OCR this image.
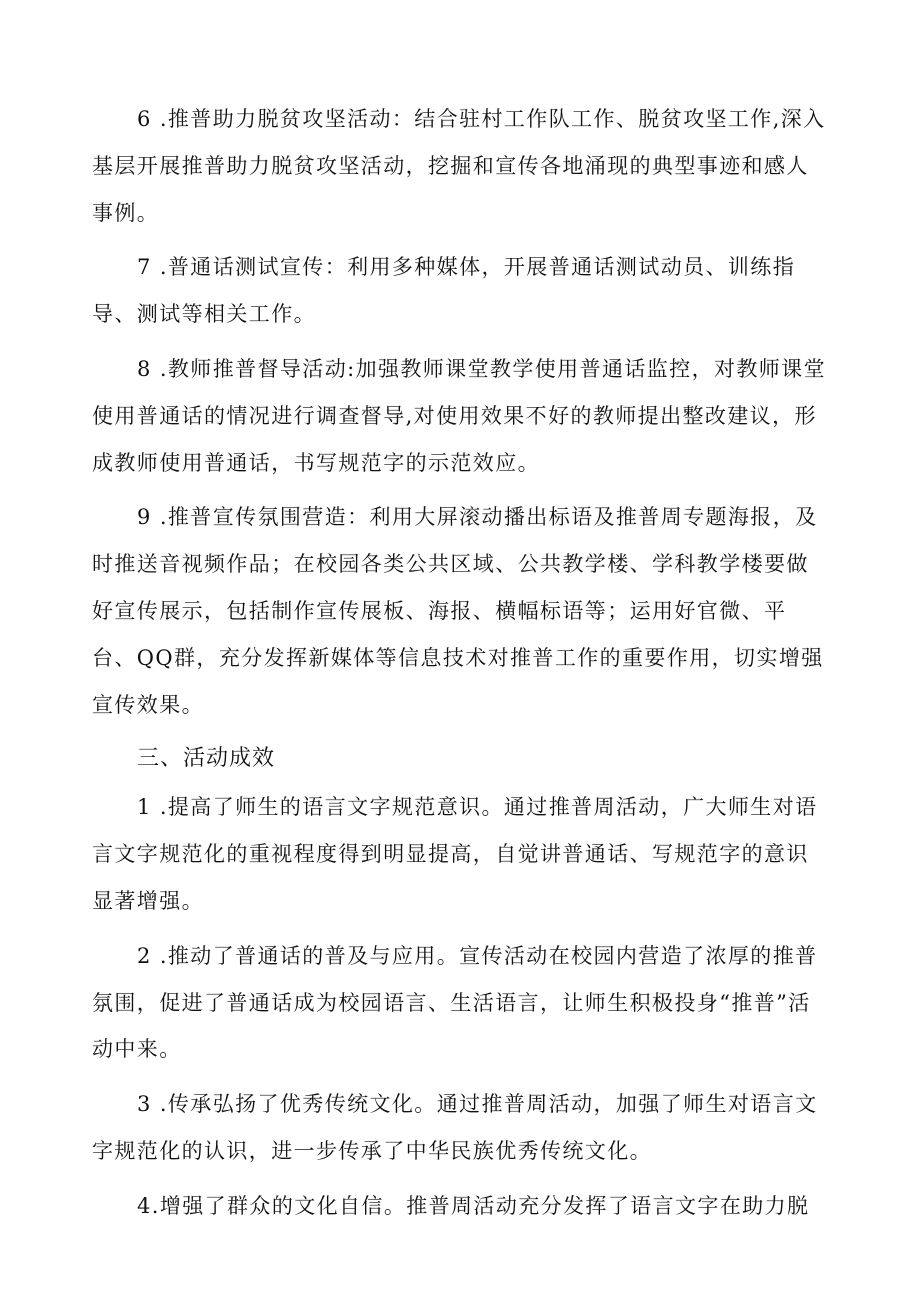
6 .推普助力脱贫攻坚活动：结合驻村工作队工作、脱贫攻坚工作,深入基层开展推普助力脱贫攻坚活动，挖掘和宣传各地涌现的典型事迹和感人事例。

7 .普通话测试宣传：利用多种媒体，开展普通话测试动员、训练指导、测试等相关工作。

8 .教师推普督导活动:加强教师课堂教学使用普通话监控，对教师课堂使用普通话的情况进行调查督导,对使用效果不好的教师提出整改建议，形成教师使用普通话，书写规范字的示范效应。

9 .推普宣传氛围营造：利用大屏滚动播出标语及推普周专题海报，及时推送音视频作品；在校园各类公共区域、公共教学楼、学科教学楼要做好宣传展示，包括制作宣传展板、海报、横幅标语等；运用好官微、平台、QQ群，充分发挥新媒体等信息技术对推普工作的重要作用，切实增强宣传效果。

三、活动成效

1 .提高了师生的语言文字规范意识。通过推普周活动，广大师生对语言文字规范化的重视程度得到明显提高，自觉讲普通话、写规范字的意识显著增强。

2 .推动了普通话的普及与应用。宣传活动在校园内营造了浓厚的推普氛围，促进了普通话成为校园语言、生活语言，让师生积极投身“推普”活动中来。

3 .传承弘扬了优秀传统文化。通过推普周活动，加强了师生对语言文字规范化的认识，进一步传承了中华民族优秀传统文化。

4.增强了群众的文化自信。推普周活动充分发挥了语言文字在助力脱
